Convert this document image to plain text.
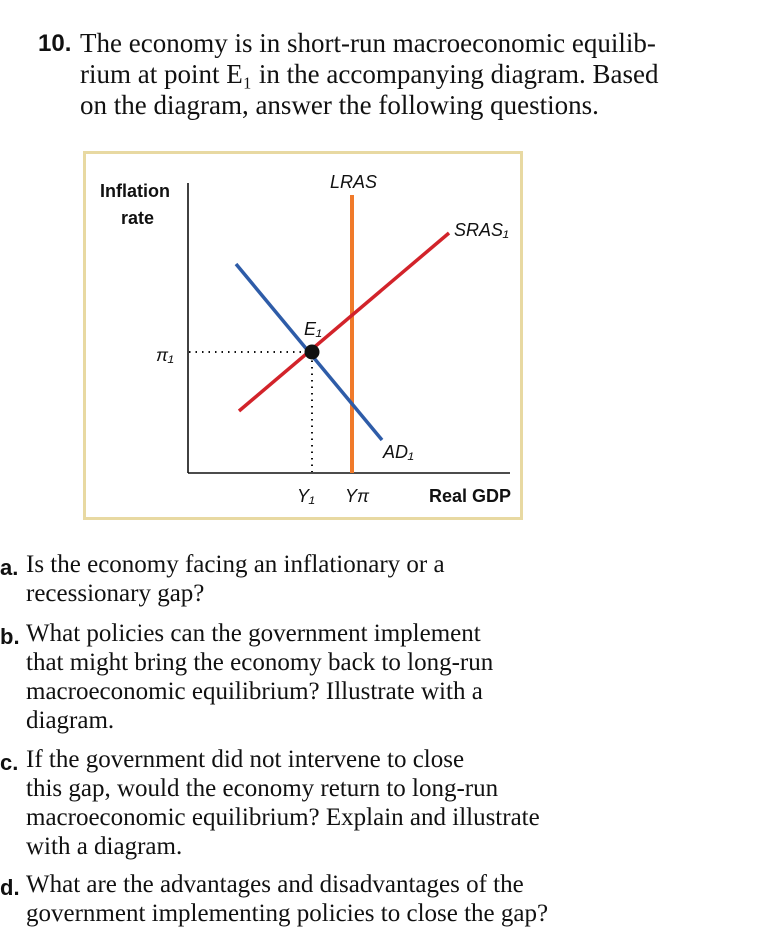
10. The economy is in short-run macroeconomic equilib-
rium at point E₁ in the accompanying diagram. Based
on the diagram, answer the following questions.
Inflation
rate
LRAS
SRAS₁
AD₁
E₁
π₁
Y₁ Yπ	Real GDP
a. Is the economy facing an inflationary or a
recessionary gap?
b. What policies can the government implement
that might bring the economy back to long-run
macroeconomic equilibrium? Illustrate with a
diagram.
c. If the government did not intervene to close
this gap, would the economy return to long-run
macroeconomic equilibrium? Explain and illustrate
with a diagram.
d. What are the advantages and disadvantages of the
government implementing policies to close the gap?
